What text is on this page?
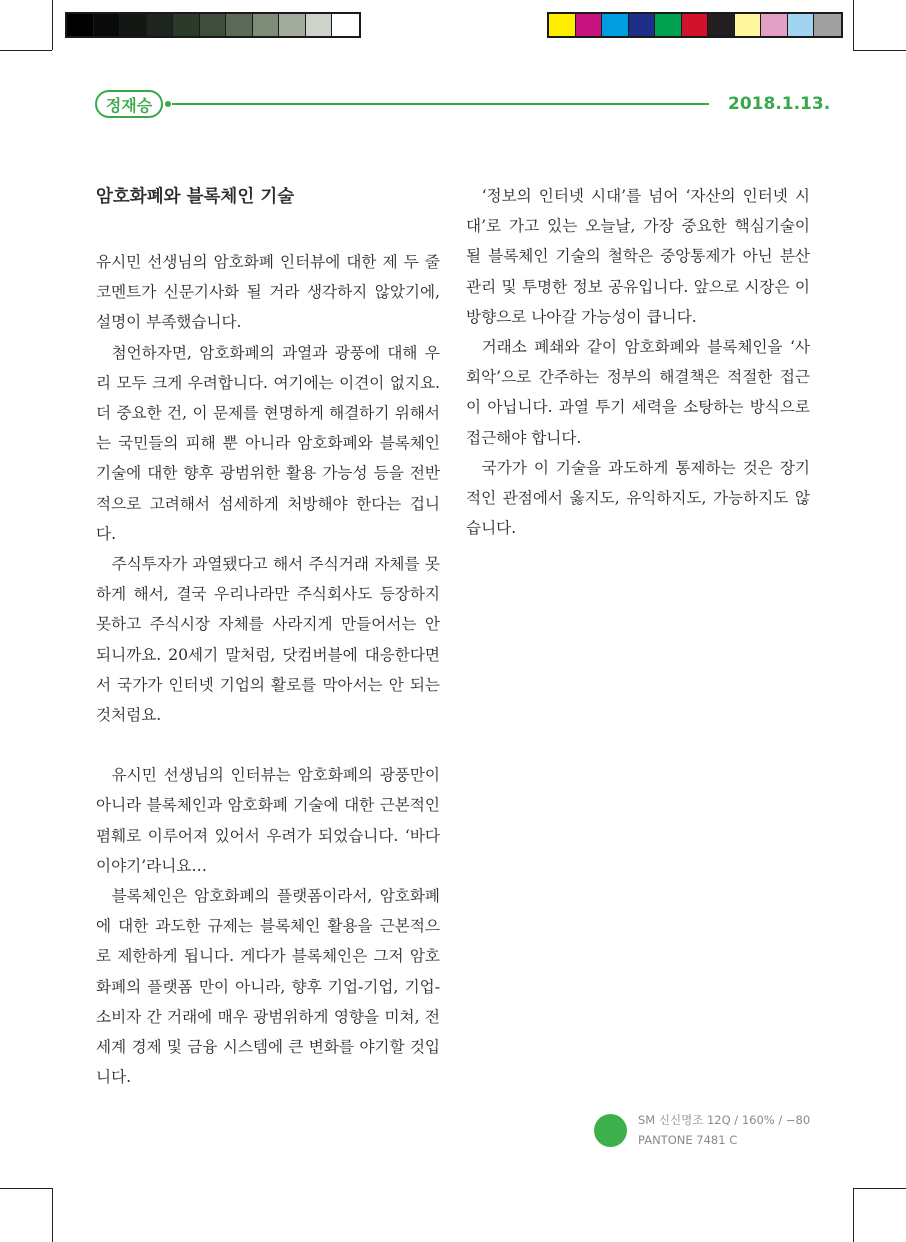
정재승	2018.1.13.
암호화폐와 블록체인 기술

유시민 선생님의 암호화폐 인터뷰에 대한 제 두 줄 코멘트가 신문기사화 될 거라 생각하지 않았기에, 설명이 부족했습니다.

첨언하자면, 암호화폐의 과열과 광풍에 대해 우리 모두 크게 우려합니다. 여기에는 이견이 없지요. 더 중요한 건, 이 문제를 현명하게 해결하기 위해서는 국민들의 피해 뿐 아니라 암호화폐와 블록체인 기술에 대한 향후 광범위한 활용 가능성 등을 전반적으로 고려해서 섬세하게 처방해야 한다는 겁니다.

주식투자가 과열됐다고 해서 주식거래 자체를 못하게 해서, 결국 우리나라만 주식회사도 등장하지 못하고 주식시장 자체를 사라지게 만들어서는 안 되니까요. 20세기 말처럼, 닷컴버블에 대응한다면서 국가가 인터넷 기업의 활로를 막아서는 안 되는 것처럼요.

유시민 선생님의 인터뷰는 암호화폐의 광풍만이 아니라 블록체인과 암호화폐 기술에 대한 근본적인 폄훼로 이루어져 있어서 우려가 되었습니다. ‘바다이야기’라니요…

블록체인은 암호화폐의 플랫폼이라서, 암호화폐에 대한 과도한 규제는 블록체인 활용을 근본적으로 제한하게 됩니다. 게다가 블록체인은 그저 암호화폐의 플랫폼 만이 아니라, 향후 기업-기업, 기업-소비자 간 거래에 매우 광범위하게 영향을 미쳐, 전세계 경제 및 금융 시스템에 큰 변화를 야기할 것입니다.

‘정보의 인터넷 시대’를 넘어 ‘자산의 인터넷 시대’로 가고 있는 오늘날, 가장 중요한 핵심기술이 될 블록체인 기술의 철학은 중앙통제가 아닌 분산관리 및 투명한 정보 공유입니다. 앞으로 시장은 이 방향으로 나아갈 가능성이 큽니다.

거래소 폐쇄와 같이 암호화폐와 블록체인을 ‘사회악’으로 간주하는 정부의 해결책은 적절한 접근이 아닙니다. 과열 투기 세력을 소탕하는 방식으로 접근해야 합니다.

국가가 이 기술을 과도하게 통제하는 것은 장기적인 관점에서 옳지도, 유익하지도, 가능하지도 않습니다.

SM 신신명조 12Q / 160% / −80
PANTONE 7481 C
